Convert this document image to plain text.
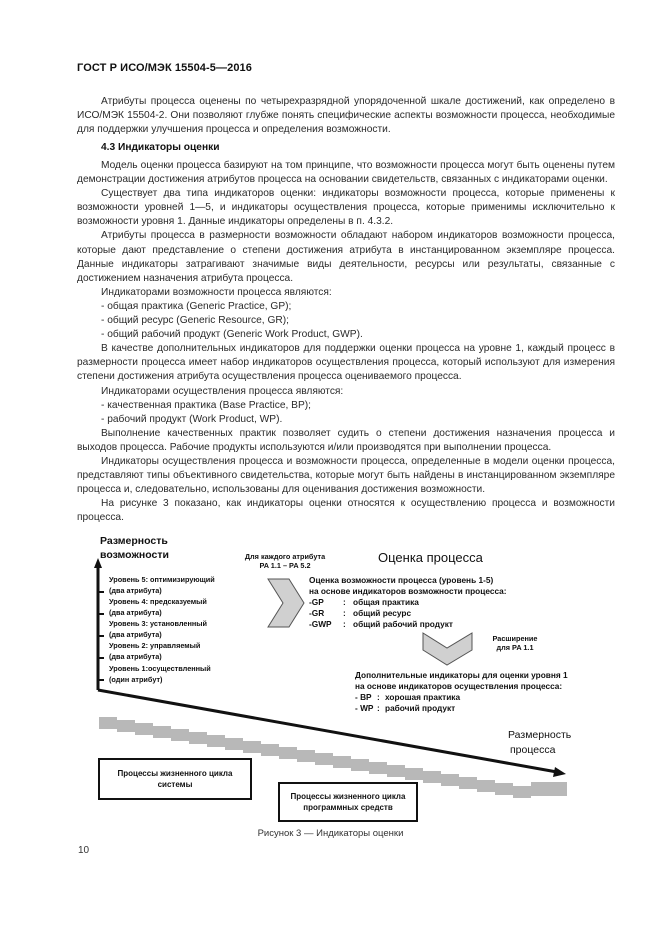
ГОСТ Р ИСО/МЭК 15504-5—2016

Атрибуты процесса оценены по четырехразрядной упорядоченной шкале достижений, как определено в ИСО/МЭК 15504-2. Они позволяют глубже понять специфические аспекты возможности процесса, необходимые для поддержки улучшения процесса и определения возможности.

4.3 Индикаторы оценки

Модель оценки процесса базируют на том принципе, что возможности процесса могут быть оценены путем демонстрации достижения атрибутов процесса на основании свидетельств, связанных с индикаторами оценки.

Существует два типа индикаторов оценки: индикаторы возможности процесса, которые применены к возможности уровней 1—5, и индикаторы осуществления процесса, которые применимы исключительно к возможности уровня 1. Данные индикаторы определены в п. 4.3.2.

Атрибуты процесса в размерности возможности обладают набором индикаторов возможности процесса, которые дают представление о степени достижения атрибута в инстанцированном экземпляре процесса. Данные индикаторы затрагивают значимые виды деятельности, ресурсы или результаты, связанные с достижением назначения атрибута процесса.

Индикаторами возможности процесса являются:

- общая практика (Generic Practice, GP);

- общий ресурс (Generic Resource, GR);

- общий рабочий продукт (Generic Work Product, GWP).

В качестве дополнительных индикаторов для поддержки оценки процесса на уровне 1, каждый процесс в размерности процесса имеет набор индикаторов осуществления процесса, который используют для измерения степени достижения атрибута осуществления процесса оцениваемого процесса.

Индикаторами осуществления процесса являются:

- качественная практика (Base Practice, BP);

- рабочий продукт (Work Product, WP).

Выполнение качественных практик позволяет судить о степени достижения назначения процесса и выходов процесса. Рабочие продукты используются и/или производятся при выполнении процесса.

Индикаторы осуществления процесса и возможности процесса, определенные в модели оценки процесса, представляют типы объективного свидетельства, которые могут быть найдены в инстанцированном экземпляре процесса и, следовательно, использованы для оценивания достижения возможности.

На рисунке 3 показано, как индикаторы оценки относятся к осуществлению процесса и возможности процесса.

Размерность
возможности
Уровень 5: оптимизирующий
(два атрибута)
Уровень 4: предсказуемый
(два атрибута)
Уровень 3: установленный
(два атрибута)
Уровень 2: управляемый
(два атрибута)
Уровень 1:осуществленный
(один атрибут)
Для каждого атрибута
PA 1.1 – PA 5.2
Оценка процесса
Оценка возможности процесса (уровень 1-5)
на основе индикаторов возможности процесса:
-GP	: общая практика
-GR	: общий ресурс
-GWP	: общий рабочий продукт
Расширение
для PA 1.1
Дополнительные индикаторы для оценки уровня 1
на основе индикаторов осуществления процесса:
- BP : хорошая практика
- WP : рабочий продукт
Размерность
процесса
Процессы жизненного цикла системы
Процессы жизненного цикла программных средств
Рисунок 3 — Индикаторы оценки
10
